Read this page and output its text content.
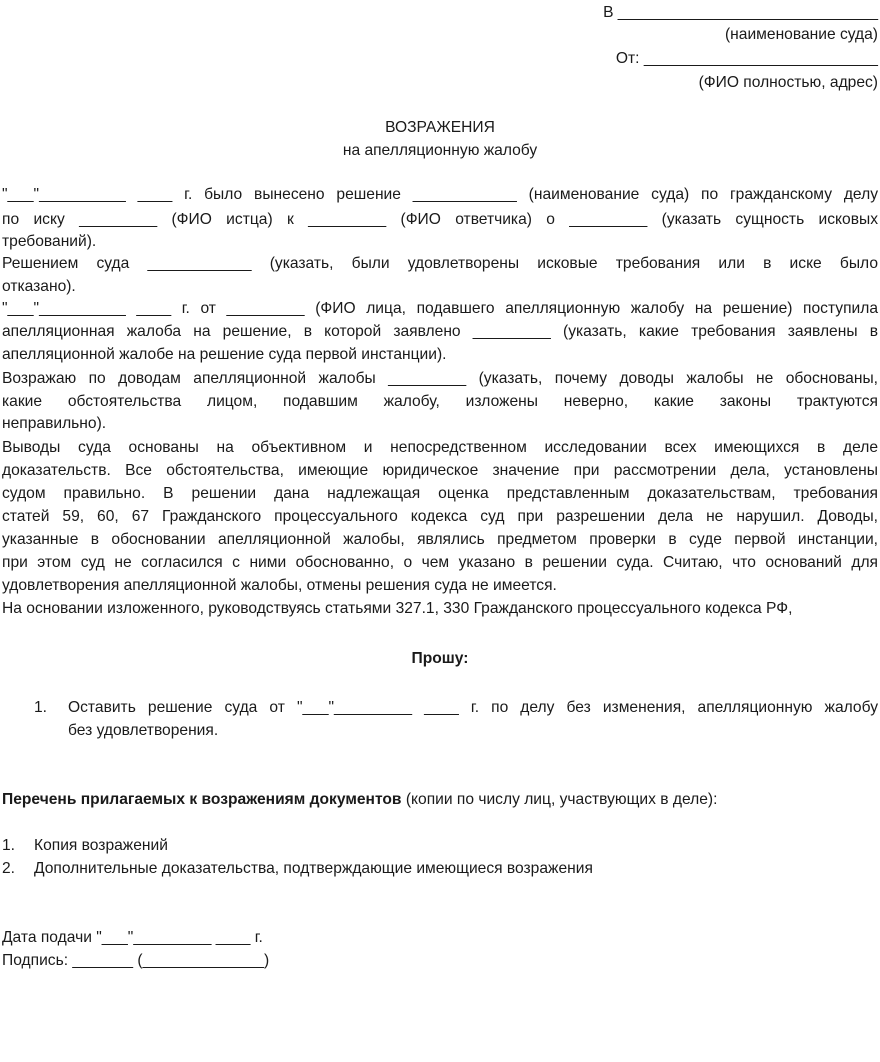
В ______________________________
(наименование суда)
От: ___________________________
(ФИО полностью, адрес)
ВОЗРАЖЕНИЯ
на апелляционную жалобу
"___"__________ ____ г. было вынесено решение ____________ (наименование суда) по гражданскому делу
по иску _________ (ФИО истца) к _________ (ФИО ответчика) о _________ (указать сущность исковых
требований).
Решением суда ____________ (указать, были удовлетворены исковые требования или в иске было
отказано).
"___"__________ ____ г. от _________ (ФИО лица, подавшего апелляционную жалобу на решение) поступила
апелляционная жалоба на решение, в которой заявлено _________ (указать, какие требования заявлены в
апелляционной жалобе на решение суда первой инстанции).
Возражаю по доводам апелляционной жалобы _________ (указать, почему доводы жалобы не обоснованы,
какие обстоятельства лицом, подавшим жалобу, изложены неверно, какие законы трактуются
неправильно).
Выводы суда основаны на объективном и непосредственном исследовании всех имеющихся в деле
доказательств. Все обстоятельства, имеющие юридическое значение при рассмотрении дела, установлены
судом правильно. В решении дана надлежащая оценка представленным доказательствам, требования
статей 59, 60, 67 Гражданского процессуального кодекса суд при разрешении дела не нарушил. Доводы,
указанные в обосновании апелляционной жалобы, являлись предметом проверки в суде первой инстанции,
при этом суд не согласился с ними обоснованно, о чем указано в решении суда. Считаю, что оснований для
удовлетворения апелляционной жалобы, отмены решения суда не имеется.
На основании изложенного, руководствуясь статьями 327.1, 330 Гражданского процессуального кодекса РФ,
Прошу:
1. Оставить решение суда от "___"_________ ____ г. по делу без изменения, апелляционную жалобу
без удовлетворения.
Перечень прилагаемых к возражениям документов (копии по числу лиц, участвующих в деле):
1. Копия возражений
2. Дополнительные доказательства, подтверждающие имеющиеся возражения
Дата подачи "___"_________ ____ г.
Подпись: _______ (______________)
